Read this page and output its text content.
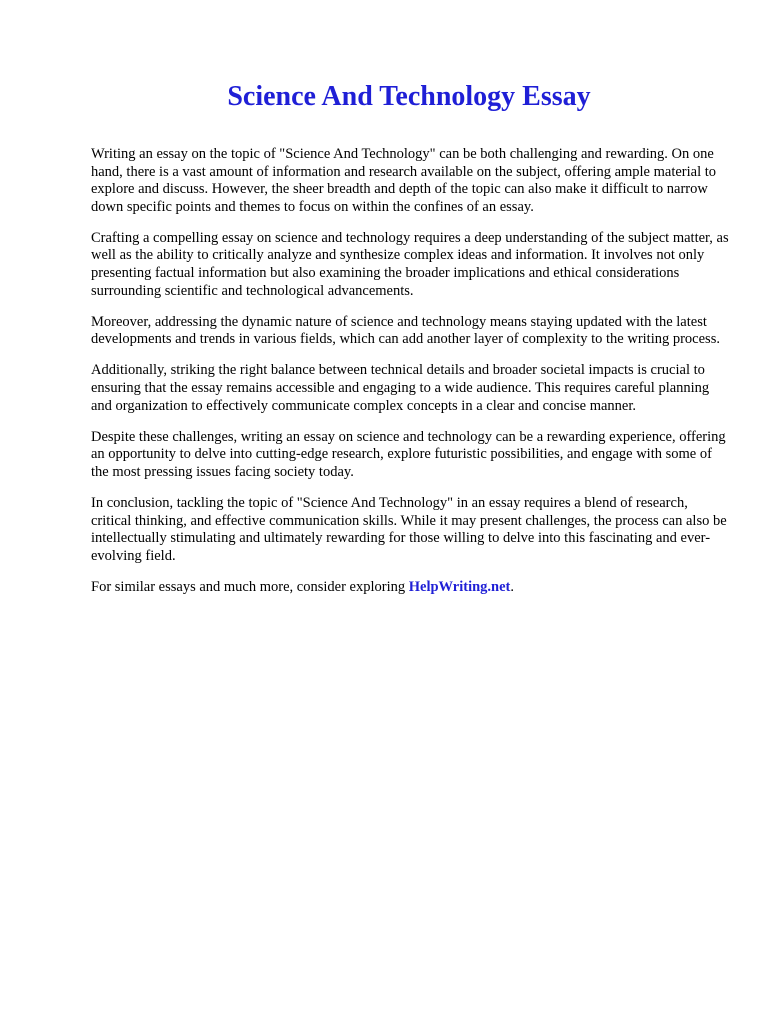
Science And Technology Essay

Writing an essay on the topic of "Science And Technology" can be both challenging and rewarding. On one hand, there is a vast amount of information and research available on the subject, offering ample material to explore and discuss. However, the sheer breadth and depth of the topic can also make it difficult to narrow down specific points and themes to focus on within the confines of an essay.

Crafting a compelling essay on science and technology requires a deep understanding of the subject matter, as well as the ability to critically analyze and synthesize complex ideas and information. It involves not only presenting factual information but also examining the broader implications and ethical considerations surrounding scientific and technological advancements.

Moreover, addressing the dynamic nature of science and technology means staying updated with the latest developments and trends in various fields, which can add another layer of complexity to the writing process.

Additionally, striking the right balance between technical details and broader societal impacts is crucial to ensuring that the essay remains accessible and engaging to a wide audience. This requires careful planning and organization to effectively communicate complex concepts in a clear and concise manner.

Despite these challenges, writing an essay on science and technology can be a rewarding experience, offering an opportunity to delve into cutting-edge research, explore futuristic possibilities, and engage with some of the most pressing issues facing society today.

In conclusion, tackling the topic of "Science And Technology" in an essay requires a blend of research, critical thinking, and effective communication skills. While it may present challenges, the process can also be intellectually stimulating and ultimately rewarding for those willing to delve into this fascinating and ever-evolving field.

For similar essays and much more, consider exploring HelpWriting.net.
